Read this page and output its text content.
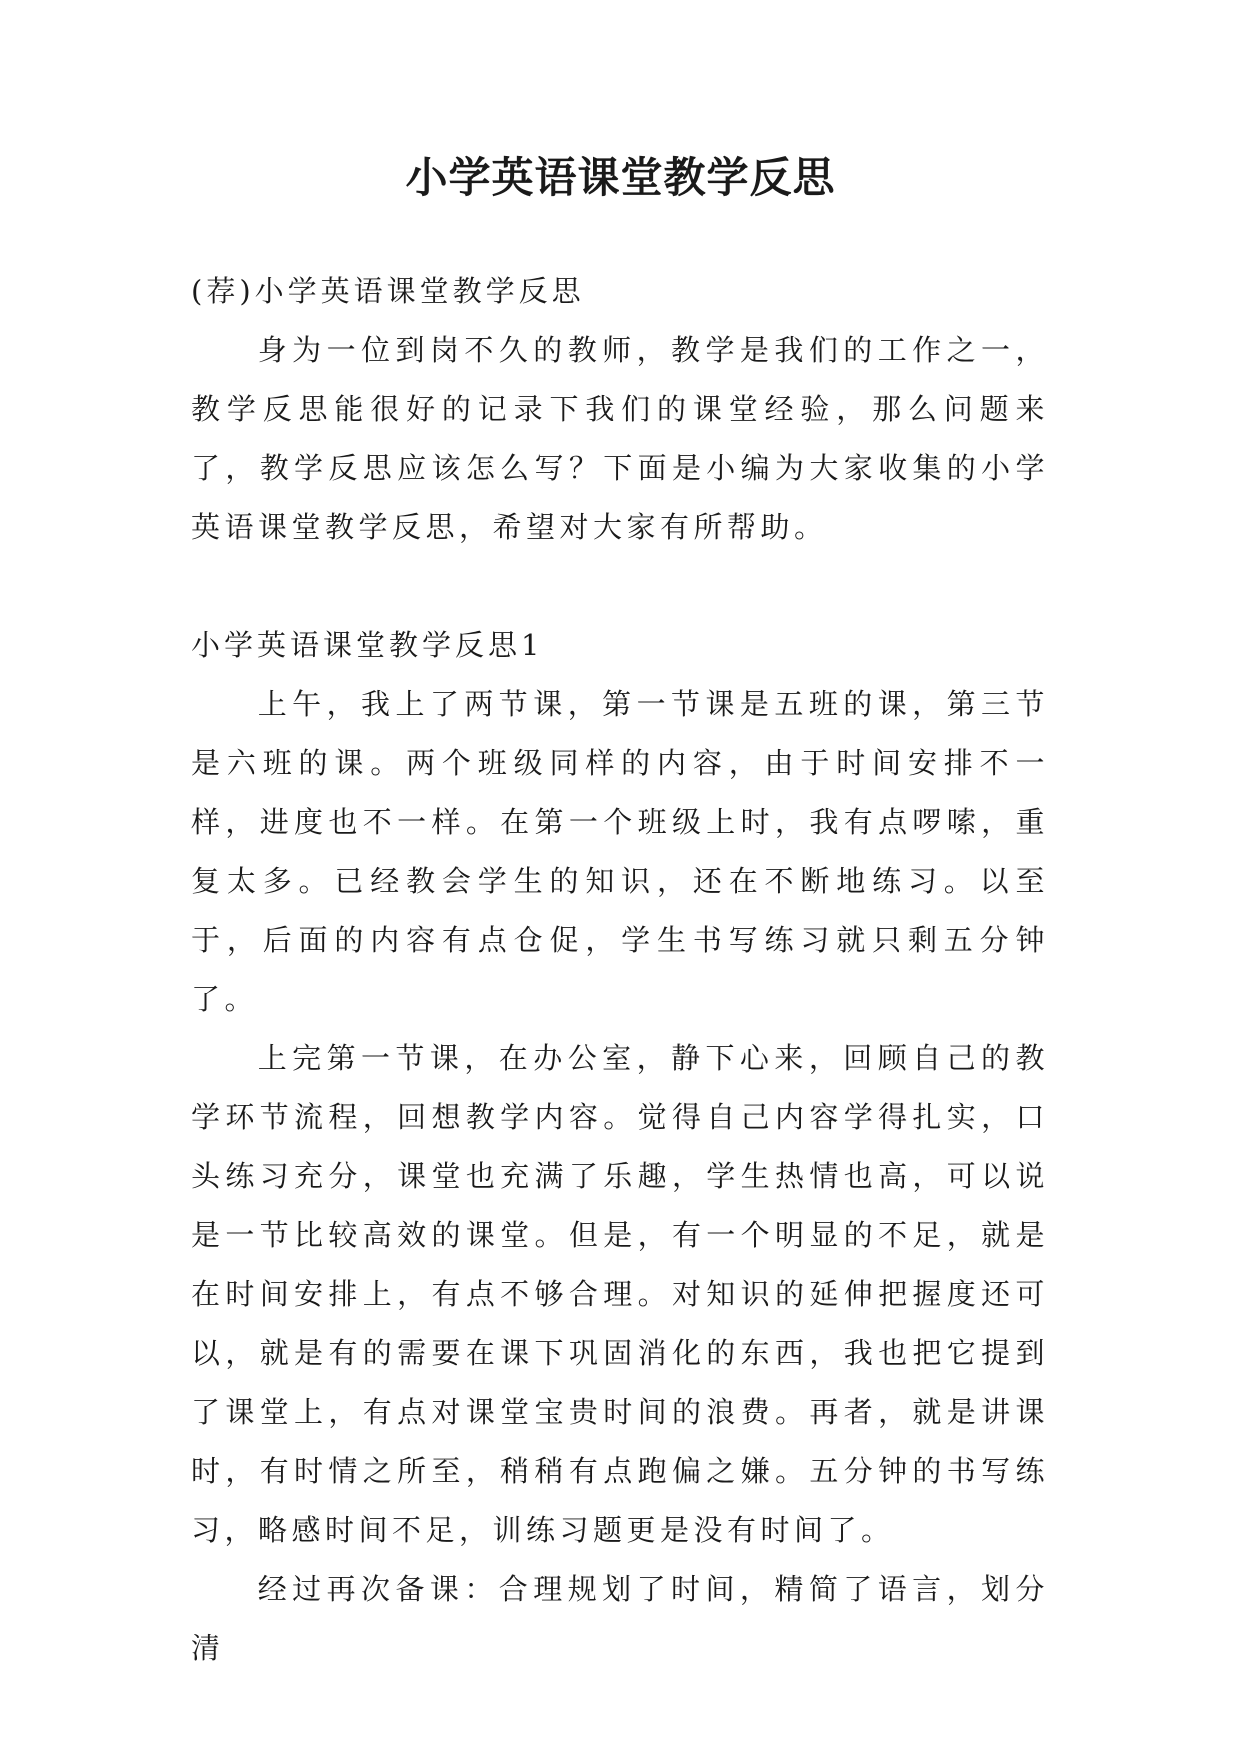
小学英语课堂教学反思

(荐)小学英语课堂教学反思

身为一位到岗不久的教师，教学是我们的工作之一，教学反思能很好的记录下我们的课堂经验，那么问题来了，教学反思应该怎么写？下面是小编为大家收集的小学英语课堂教学反思，希望对大家有所帮助。

小学英语课堂教学反思1

上午，我上了两节课，第一节课是五班的课，第三节是六班的课。两个班级同样的内容，由于时间安排不一样，进度也不一样。在第一个班级上时，我有点啰嗦，重复太多。已经教会学生的知识，还在不断地练习。以至于，后面的内容有点仓促，学生书写练习就只剩五分钟了。

上完第一节课，在办公室，静下心来，回顾自己的教学环节流程，回想教学内容。觉得自己内容学得扎实，口头练习充分，课堂也充满了乐趣，学生热情也高，可以说是一节比较高效的课堂。但是，有一个明显的不足，就是在时间安排上，有点不够合理。对知识的延伸把握度还可以，就是有的需要在课下巩固消化的东西，我也把它提到了课堂上，有点对课堂宝贵时间的浪费。再者，就是讲课时，有时情之所至，稍稍有点跑偏之嫌。五分钟的书写练习，略感时间不足，训练习题更是没有时间了。

经过再次备课：合理规划了时间，精简了语言，划分清
